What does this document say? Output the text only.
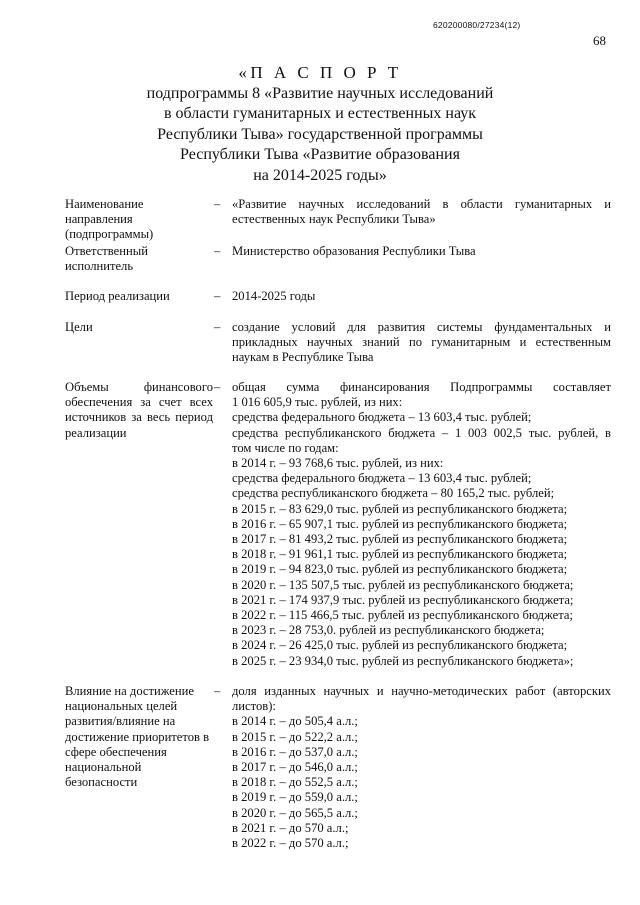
620200080/27234(12)
68
«П А С П О Р Т
подпрограммы 8 «Развитие научных исследований
в области гуманитарных и естественных наук
Республики Тыва» государственной программы
Республики Тыва «Развитие образования
на 2014-2025 годы»
Наименование направления (подпрограммы)
– «Развитие научных исследований в области гуманитарных и естественных наук Республики Тыва»

Ответственный исполнитель
– Министерство образования Республики Тыва

Период реализации	– 2014-2025 годы

Цели	– создание условий для развития системы фундаментальных и прикладных научных знаний по гуманитарным и естественным наукам в Республике Тыва

Объемы финансового обеспечения за счет всех источников за весь период реализации
– общая сумма финансирования Подпрограммы составляет
1 016 605,9 тыс. рублей, из них:
средства федерального бюджета – 13 603,4 тыс. рублей;
средства республиканского бюджета – 1 003 002,5 тыс. рублей, в
том числе по годам:
в 2014 г. – 93 768,6 тыс. рублей, из них:
средства федерального бюджета – 13 603,4 тыс. рублей;
средства республиканского бюджета – 80 165,2 тыс. рублей;
в 2015 г. – 83 629,0 тыс. рублей из республиканского бюджета;
в 2016 г. – 65 907,1 тыс. рублей из республиканского бюджета;
в 2017 г. – 81 493,2 тыс. рублей из республиканского бюджета;
в 2018 г. – 91 961,1 тыс. рублей из республиканского бюджета;
в 2019 г. – 94 823,0 тыс. рублей из республиканского бюджета;
в 2020 г. – 135 507,5 тыс. рублей из республиканского бюджета;
в 2021 г. – 174 937,9 тыс. рублей из республиканского бюджета;
в 2022 г. – 115 466,5 тыс. рублей из республиканского бюджета;
в 2023 г. – 28 753,0. рублей из республиканского бюджета;
в 2024 г. – 26 425,0 тыс. рублей из республиканского бюджета;
в 2025 г. – 23 934,0 тыс. рублей из республиканского бюджета»;
Влияние на достижение национальных целей развития/влияние на достижение приоритетов в сфере обеспечения национальной безопасности
– доля изданных научных и научно-методических работ (авторских
листов):
в 2014 г. – до 505,4 а.л.;
в 2015 г. – до 522,2 а.л.;
в 2016 г. – до 537,0 а.л.;
в 2017 г. – до 546,0 а.л.;
в 2018 г. – до 552,5 а.л.;
в 2019 г. – до 559,0 а.л.;
в 2020 г. – до 565,5 а.л.;
в 2021 г. – до 570 а.л.;
в 2022 г. – до 570 а.л.;
